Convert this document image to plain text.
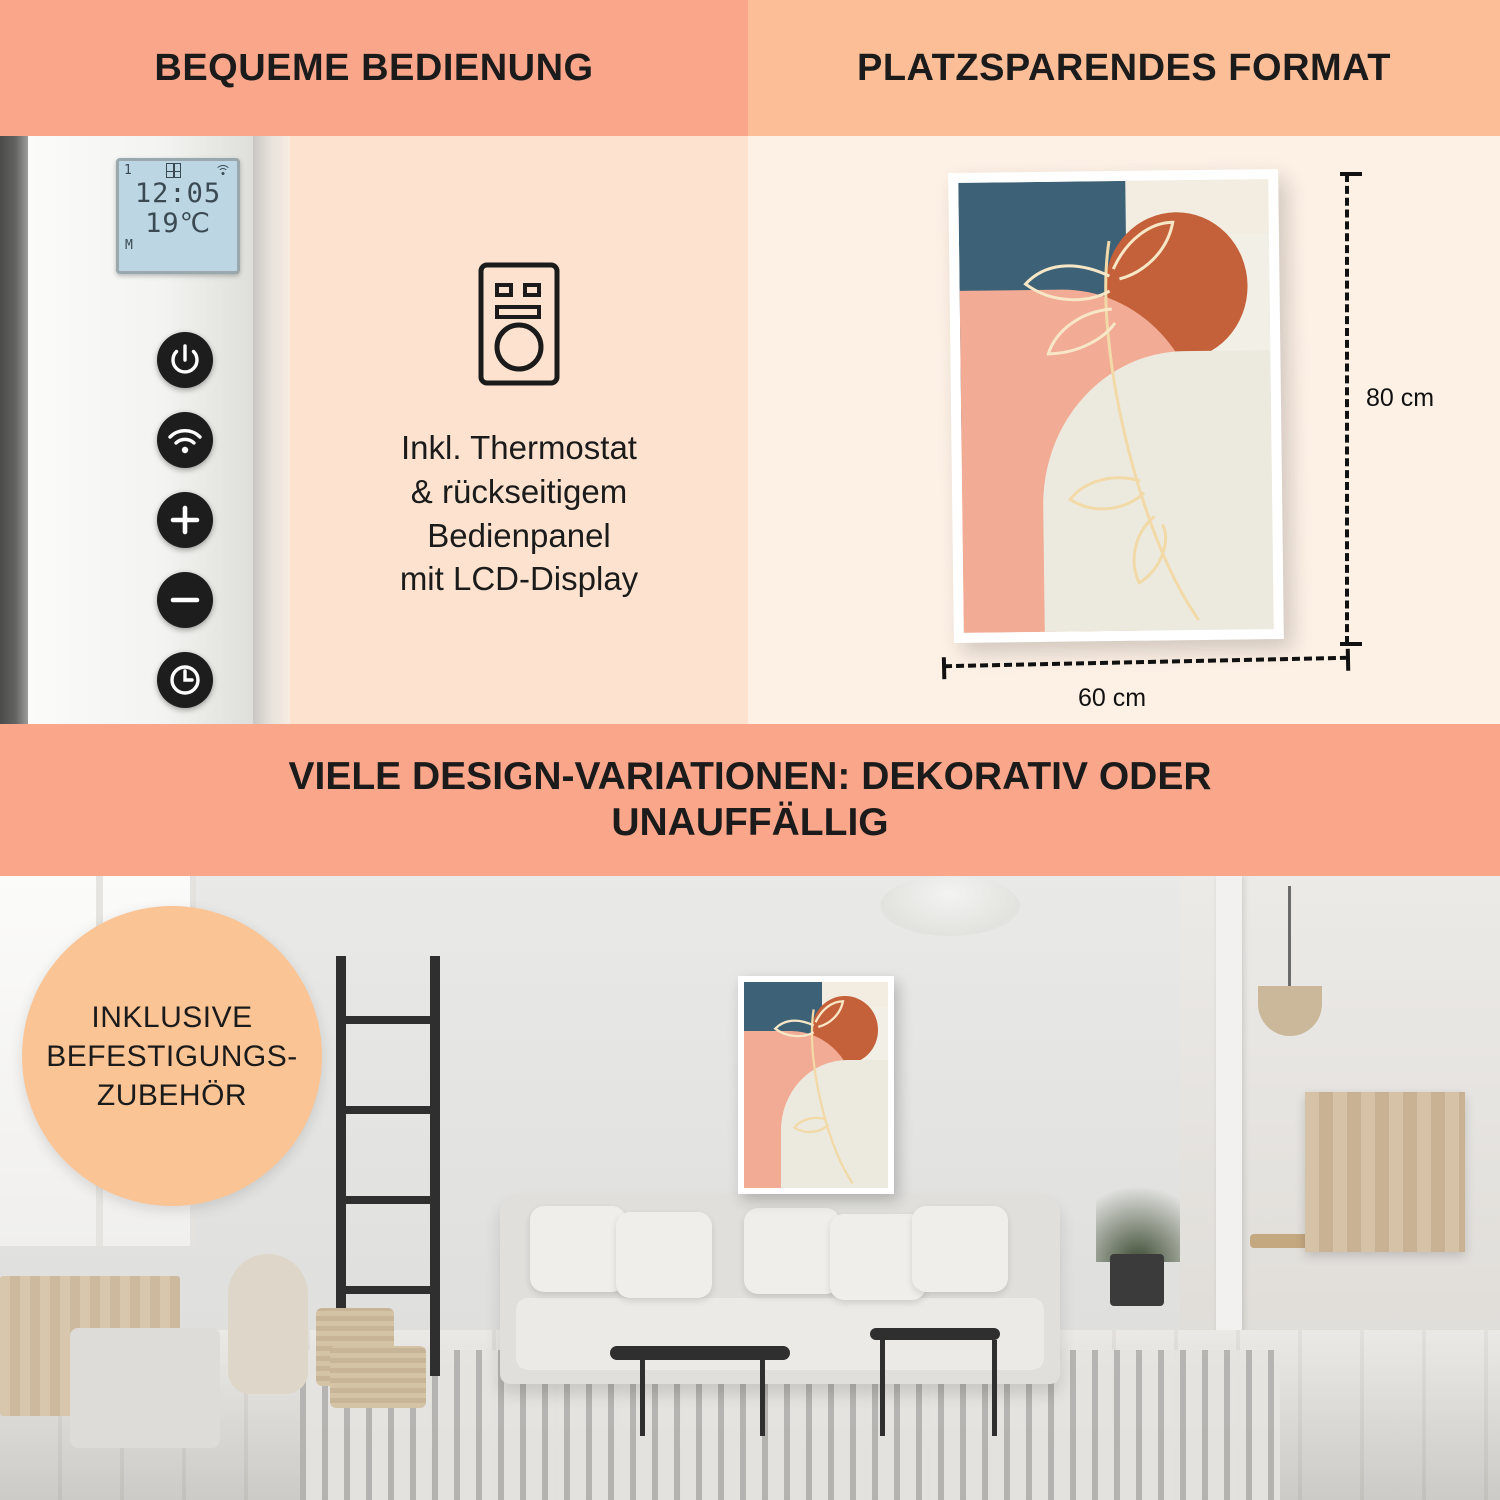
BEQUEME BEDIENUNG	PLATZSPARENDES FORMAT
1
12:05
19℃
M
Inkl. Thermostat
& rückseitigem
Bedienpanel
mit LCD-Display
80 cm
60 cm
VIELE DESIGN-VARIATIONEN: DEKORATIV ODER
UNAUFFÄLLIG
INKLUSIVE
BEFESTIGUNGS-
ZUBEHÖR
